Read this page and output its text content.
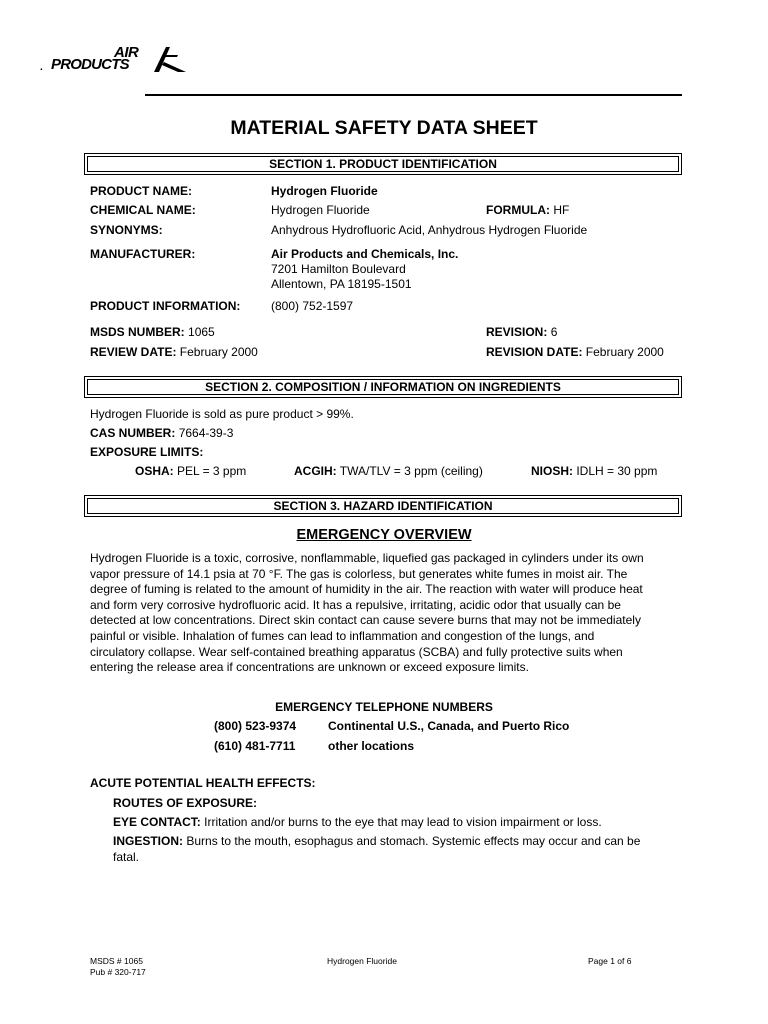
.
AIR
PRODUCTS
MATERIAL SAFETY DATA SHEET
SECTION 1. PRODUCT IDENTIFICATION
PRODUCT NAME:	Hydrogen Fluoride
CHEMICAL NAME:	Hydrogen Fluoride	FORMULA: HF
SYNONYMS:	Anhydrous Hydrofluoric Acid, Anhydrous Hydrogen Fluoride
MANUFACTURER:	Air Products and Chemicals, Inc.
7201 Hamilton Boulevard
Allentown, PA 18195-1501
PRODUCT INFORMATION:	(800) 752-1597
MSDS NUMBER: 1065	REVISION: 6
REVIEW DATE: February 2000	REVISION DATE: February 2000
SECTION 2. COMPOSITION / INFORMATION ON INGREDIENTS
Hydrogen Fluoride is sold as pure product > 99%.
CAS NUMBER: 7664-39-3
EXPOSURE LIMITS:
OSHA: PEL = 3 ppm	ACGIH: TWA/TLV = 3 ppm (ceiling)	NIOSH: IDLH = 30 ppm
SECTION 3. HAZARD IDENTIFICATION
EMERGENCY OVERVIEW
Hydrogen Fluoride is a toxic, corrosive, nonflammable, liquefied gas packaged in cylinders under its own
vapor pressure of 14.1 psia at 70 °F. The gas is colorless, but generates white fumes in moist air. The
degree of fuming is related to the amount of humidity in the air. The reaction with water will produce heat
and form very corrosive hydrofluoric acid. It has a repulsive, irritating, acidic odor that usually can be
detected at low concentrations. Direct skin contact can cause severe burns that may not be immediately
painful or visible. Inhalation of fumes can lead to inflammation and congestion of the lungs, and
circulatory collapse. Wear self-contained breathing apparatus (SCBA) and fully protective suits when
entering the release area if concentrations are unknown or exceed exposure limits.
EMERGENCY TELEPHONE NUMBERS
(800) 523-9374	Continental U.S., Canada, and Puerto Rico
(610) 481-7711	other locations
ACUTE POTENTIAL HEALTH EFFECTS:
ROUTES OF EXPOSURE:
EYE CONTACT: Irritation and/or burns to the eye that may lead to vision impairment or loss.
INGESTION: Burns to the mouth, esophagus and stomach. Systemic effects may occur and can be
fatal.
MSDS # 1065
Pub # 320-717
Hydrogen Fluoride	Page 1 of 6
